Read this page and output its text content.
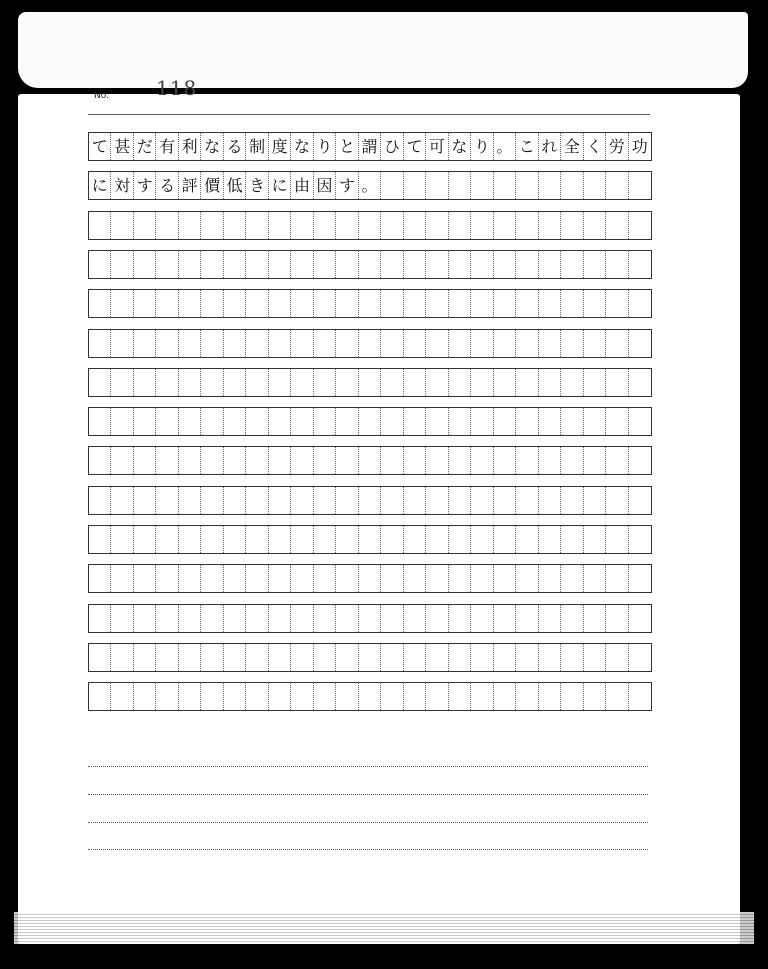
No. 118
て 甚 だ 有 利 な る 制 度 な り と 謂 ひ て 可 な り 。 こ れ 全 く 労 功
に 対 す る 評 價 低 き に 由 因 す 。
